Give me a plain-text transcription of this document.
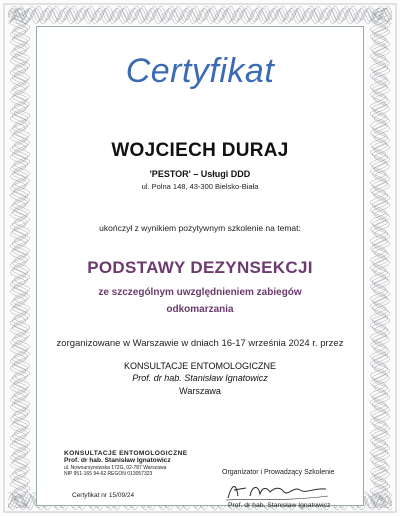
Certyfikat
WOJCIECH DURAJ
'PESTOR' – Usługi DDD
ul. Polna 148, 43-300 Bielsko-Biała
ukończył z wynikiem pozytywnym szkolenie na temat:
PODSTAWY DEZYNSEKCJI
ze szczególnym uwzględnieniem zabiegów
odkomarzania
zorganizowane w Warszawie w dniach 16-17 września 2024 r. przez
KONSULTACJE ENTOMOLOGICZNE
Prof. dr hab. Stanisław Ignatowicz
Warszawa
KONSULTACJE ENTOMOLOGICZNE
Prof. dr hab. Stanisław Ignatowicz
ul. Nowoursynowska 172G, 02-787 Warszawa
NIP 951-165 94-62 REGON 013057323
Certyfikat nr 15/09/24
Organizator i Prowadzący Szkolenie
Prof. dr hab. Stanisław Ignatowicz
